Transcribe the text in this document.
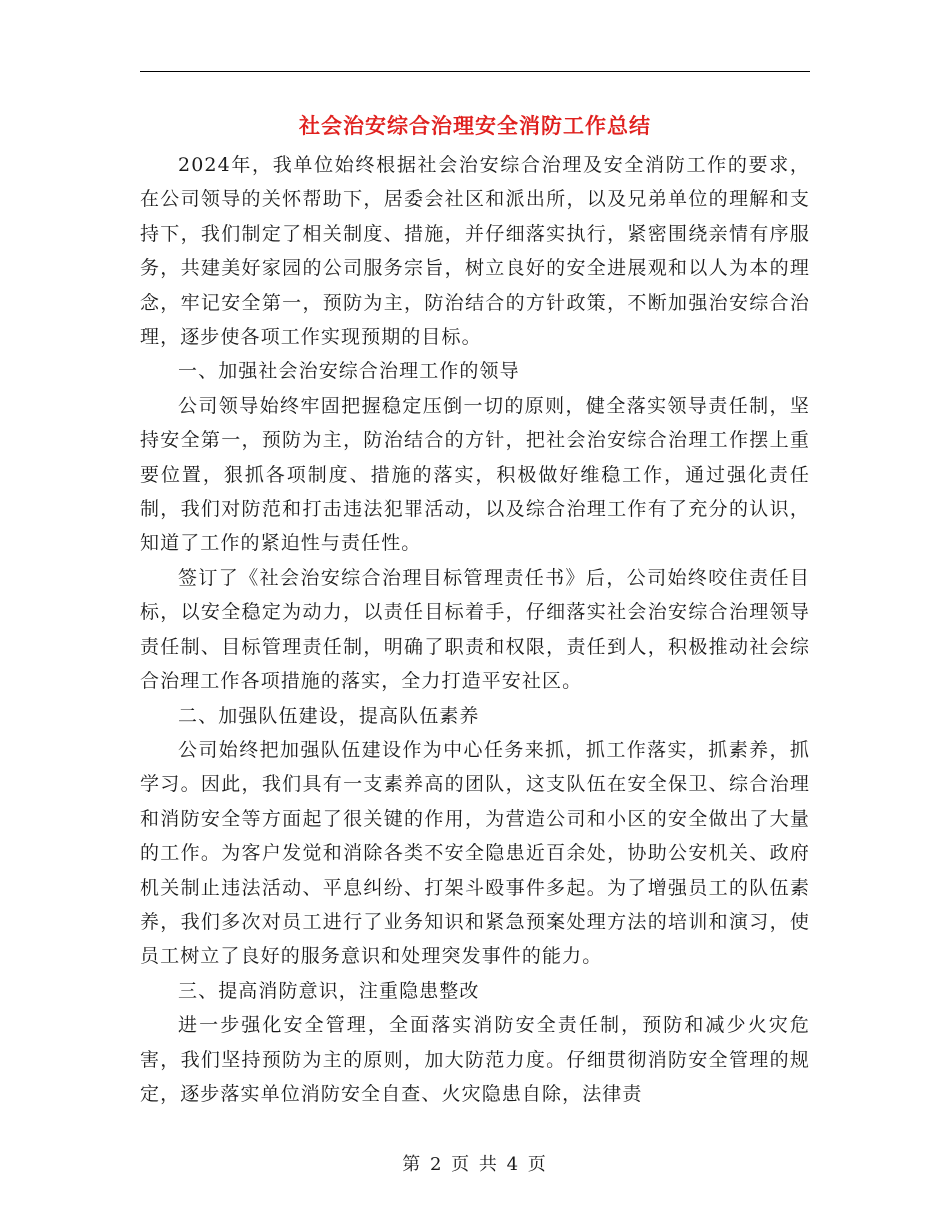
社会治安综合治理安全消防工作总结

2024年，我单位始终根据社会治安综合治理及安全消防工作的要求，在公司领导的关怀帮助下，居委会社区和派出所，以及兄弟单位的理解和支持下，我们制定了相关制度、措施，并仔细落实执行，紧密围绕亲情有序服务，共建美好家园的公司服务宗旨，树立良好的安全进展观和以人为本的理念，牢记安全第一，预防为主，防治结合的方针政策，不断加强治安综合治理，逐步使各项工作实现预期的目标。

一、加强社会治安综合治理工作的领导

公司领导始终牢固把握稳定压倒一切的原则，健全落实领导责任制，坚持安全第一，预防为主，防治结合的方针，把社会治安综合治理工作摆上重要位置，狠抓各项制度、措施的落实，积极做好维稳工作，通过强化责任制，我们对防范和打击违法犯罪活动，以及综合治理工作有了充分的认识，知道了工作的紧迫性与责任性。

签订了《社会治安综合治理目标管理责任书》后，公司始终咬住责任目标，以安全稳定为动力，以责任目标着手，仔细落实社会治安综合治理领导责任制、目标管理责任制，明确了职责和权限，责任到人，积极推动社会综合治理工作各项措施的落实，全力打造平安社区。

二、加强队伍建设，提高队伍素养

公司始终把加强队伍建设作为中心任务来抓，抓工作落实，抓素养，抓学习。因此，我们具有一支素养高的团队，这支队伍在安全保卫、综合治理和消防安全等方面起了很关键的作用，为营造公司和小区的安全做出了大量的工作。为客户发觉和消除各类不安全隐患近百余处，协助公安机关、政府机关制止违法活动、平息纠纷、打架斗殴事件多起。为了增强员工的队伍素养，我们多次对员工进行了业务知识和紧急预案处理方法的培训和演习，使员工树立了良好的服务意识和处理突发事件的能力。

三、提高消防意识，注重隐患整改

进一步强化安全管理，全面落实消防安全责任制，预防和减少火灾危害，我们坚持预防为主的原则，加大防范力度。仔细贯彻消防安全管理的规定，逐步落实单位消防安全自查、火灾隐患自除，法律责

第 2 页 共 4 页
